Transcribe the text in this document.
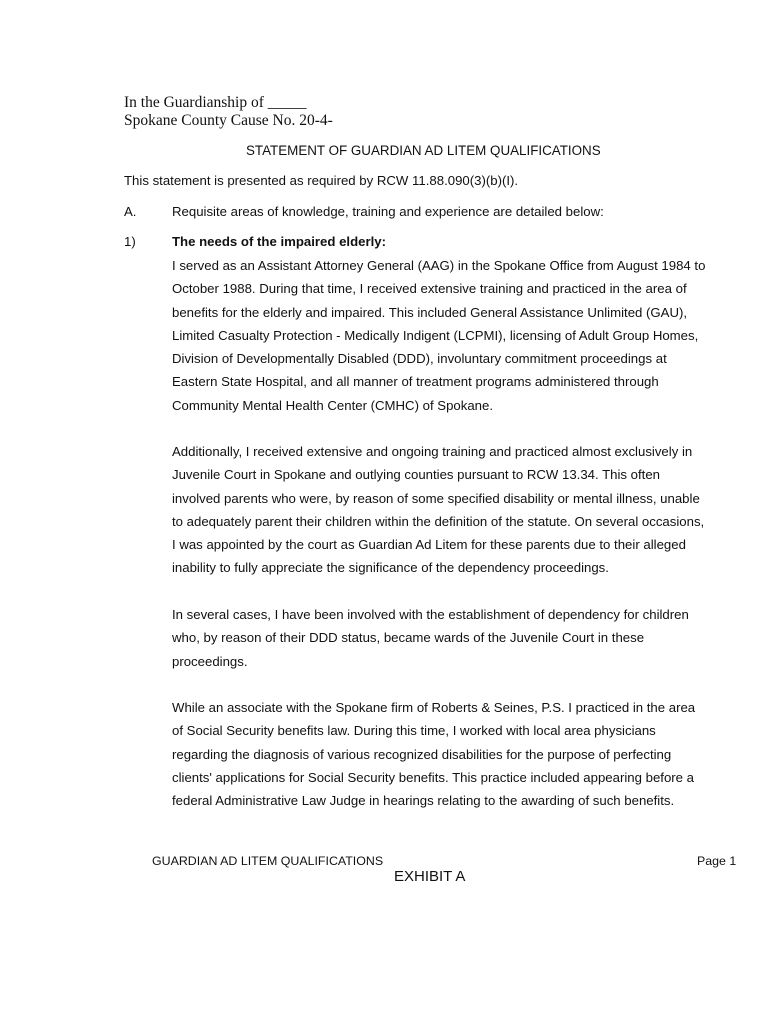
In the Guardianship of _____
Spokane County Cause No. 20-4-
STATEMENT OF GUARDIAN AD LITEM QUALIFICATIONS
This statement is presented as required by RCW 11.88.090(3)(b)(I).
A.	Requisite areas of knowledge, training and experience are detailed below:
1)	The needs of the impaired elderly:
I served as an Assistant Attorney General (AAG) in the Spokane Office from August 1984 to
October 1988. During that time, I received extensive training and practiced in the area of
benefits for the elderly and impaired. This included General Assistance Unlimited (GAU),
Limited Casualty Protection - Medically Indigent (LCPMI), licensing of Adult Group Homes,
Division of Developmentally Disabled (DDD), involuntary commitment proceedings at
Eastern State Hospital, and all manner of treatment programs administered through
Community Mental Health Center (CMHC) of Spokane.
Additionally, I received extensive and ongoing training and practiced almost exclusively in
Juvenile Court in Spokane and outlying counties pursuant to RCW 13.34. This often
involved parents who were, by reason of some specified disability or mental illness, unable
to adequately parent their children within the definition of the statute. On several occasions,
I was appointed by the court as Guardian Ad Litem for these parents due to their alleged
inability to fully appreciate the significance of the dependency proceedings.
In several cases, I have been involved with the establishment of dependency for children
who, by reason of their DDD status, became wards of the Juvenile Court in these
proceedings.
While an associate with the Spokane firm of Roberts & Seines, P.S. I practiced in the area
of Social Security benefits law. During this time, I worked with local area physicians
regarding the diagnosis of various recognized disabilities for the purpose of perfecting
clients' applications for Social Security benefits. This practice included appearing before a
federal Administrative Law Judge in hearings relating to the awarding of such benefits.
GUARDIAN AD LITEM QUALIFICATIONS	Page 1
EXHIBIT A
